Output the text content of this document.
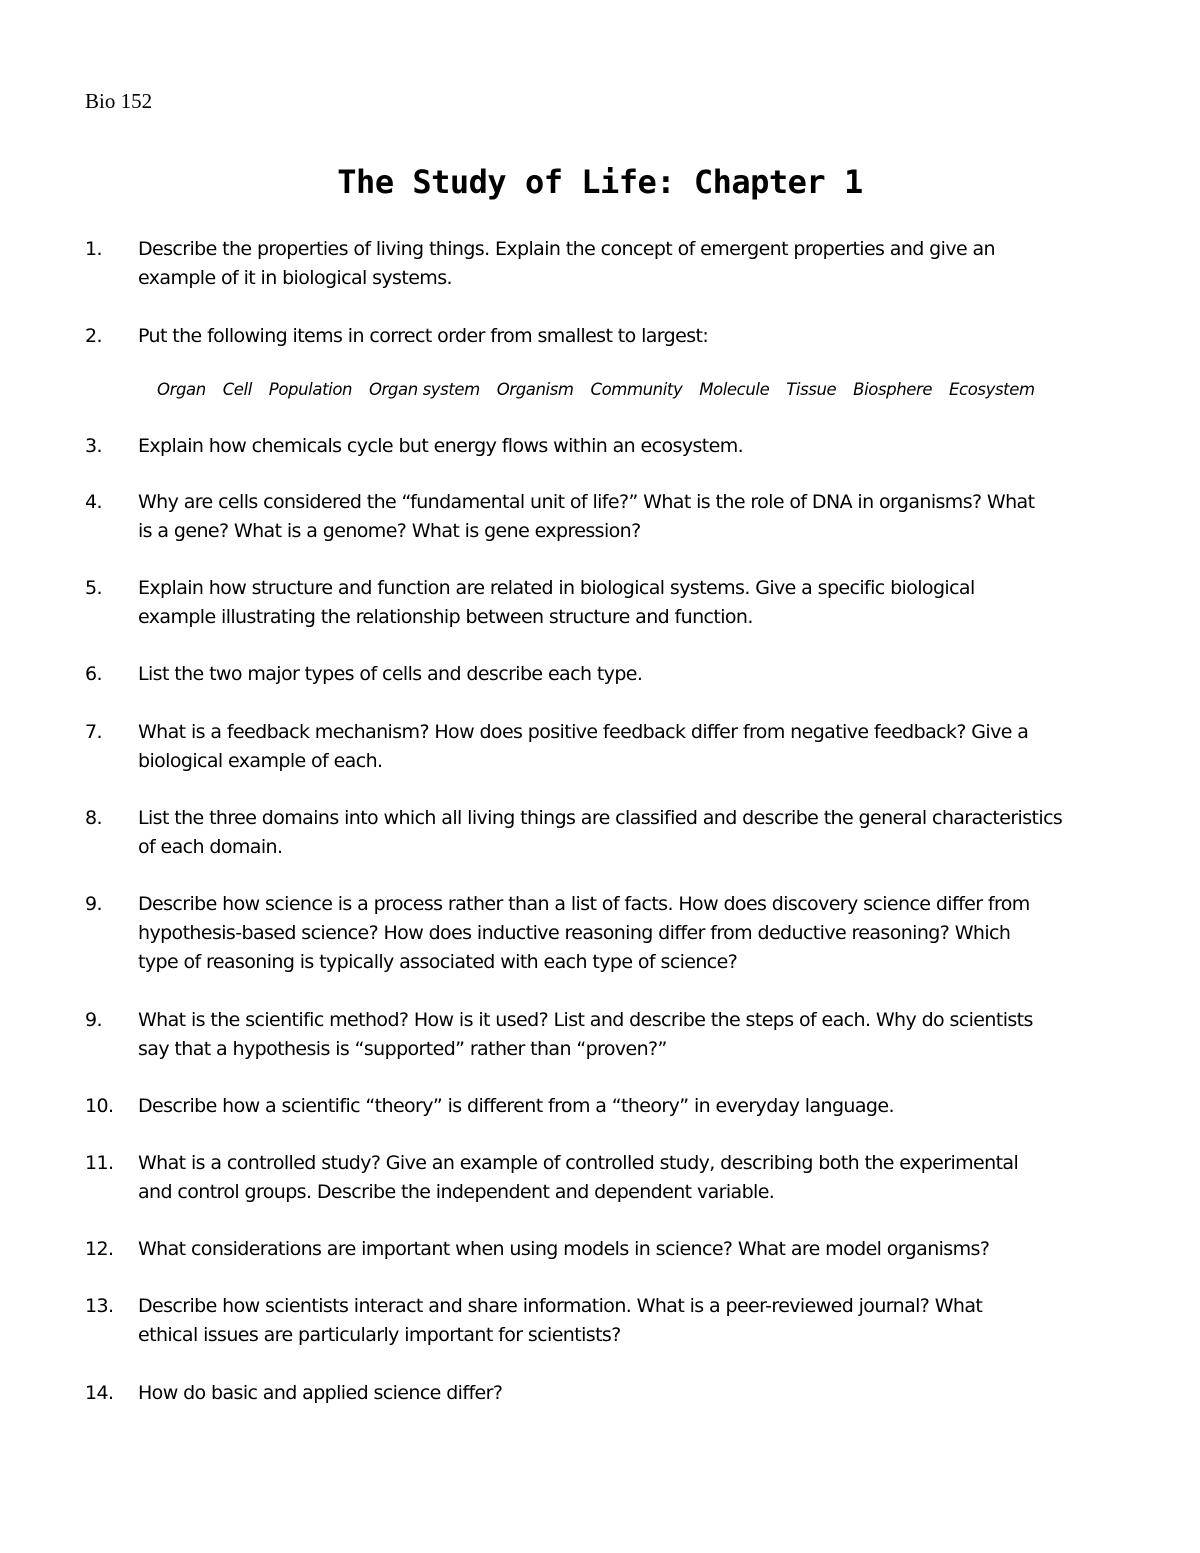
Bio 152
The Study of Life: Chapter 1
1.	Describe the properties of living things. Explain the concept of emergent properties and give an
example of it in biological systems.
2.	Put the following items in correct order from smallest to largest:
3.	Explain how chemicals cycle but energy flows within an ecosystem.
4.	Why are cells considered the “fundamental unit of life?” What is the role of DNA in organisms? What
is a gene? What is a genome? What is gene expression?
5.	Explain how structure and function are related in biological systems. Give a specific biological
example illustrating the relationship between structure and function.
6.	List the two major types of cells and describe each type.
7.	What is a feedback mechanism? How does positive feedback differ from negative feedback? Give a
biological example of each.
8.	List the three domains into which all living things are classified and describe the general characteristics
of each domain.
9.	Describe how science is a process rather than a list of facts. How does discovery science differ from
hypothesis-based science? How does inductive reasoning differ from deductive reasoning? Which
type of reasoning is typically associated with each type of science?
9.	What is the scientific method? How is it used? List and describe the steps of each. Why do scientists
say that a hypothesis is “supported” rather than “proven?”
10.	Describe how a scientific “theory” is different from a “theory” in everyday language.
11.	What is a controlled study? Give an example of controlled study, describing both the experimental
and control groups. Describe the independent and dependent variable.
12.	What considerations are important when using models in science? What are model organisms?
13.	Describe how scientists interact and share information. What is a peer-reviewed journal? What
ethical issues are particularly important for scientists?
14.	How do basic and applied science differ?
Organ Cell Population Organ system Organism Community Molecule Tissue Biosphere Ecosystem
